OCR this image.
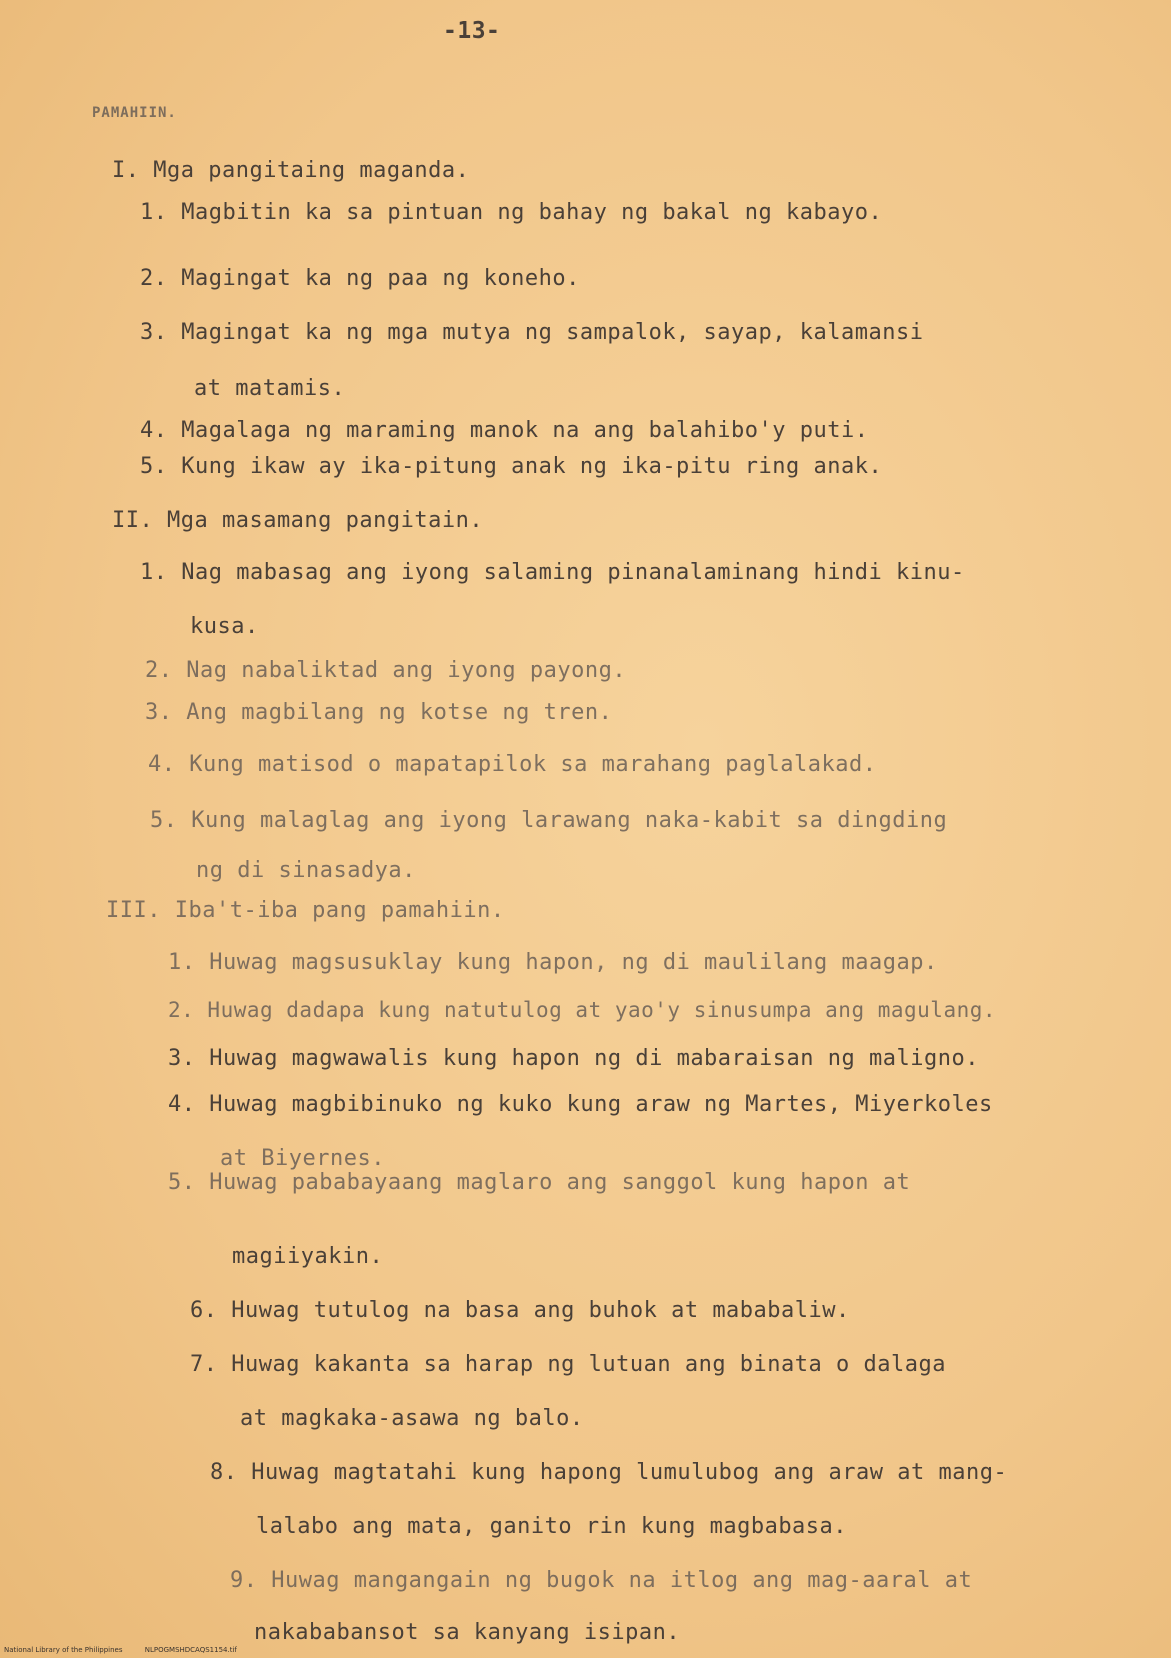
-13-
PAMAHIIN.
I. Mga pangitaing maganda.
1. Magbitin ka sa pintuan ng bahay ng bakal ng kabayo.
2. Magingat ka ng paa ng koneho.
3. Magingat ka ng mga mutya ng sampalok, sayap, kalamansi
at matamis.
4. Magalaga ng maraming manok na ang balahibo'y puti.
5. Kung ikaw ay ika-pitung anak ng ika-pitu ring anak.
II. Mga masamang pangitain.
1. Nag mabasag ang iyong salaming pinanalaminang hindi kinu-
kusa.
2. Nag nabaliktad ang iyong payong.
3. Ang magbilang ng kotse ng tren.
4. Kung matisod o mapatapilok sa marahang paglalakad.
5. Kung malaglag ang iyong larawang naka-kabit sa dingding
ng di sinasadya.
III. Iba't-iba pang pamahiin.
1. Huwag magsusuklay kung hapon, ng di maulilang maagap.
2. Huwag dadapa kung natutulog at yao'y sinusumpa ang magulang.
3. Huwag magwawalis kung hapon ng di mabaraisan ng maligno.
4. Huwag magbibinuko ng kuko kung araw ng Martes, Miyerkoles
at Biyernes.
5. Huwag pababayaang maglaro ang sanggol kung hapon at
magiiyakin.
6. Huwag tutulog na basa ang buhok at mababaliw.
7. Huwag kakanta sa harap ng lutuan ang binata o dalaga
at magkaka-asawa ng balo.
8. Huwag magtatahi kung hapong lumulubog ang araw at mang-
lalabo ang mata, ganito rin kung magbabasa.
9. Huwag mangangain ng bugok na itlog ang mag-aaral at
nakababansot sa kanyang isipan.
National Library of the Philippines	NLPOGMSHDCAQS1154.tif
